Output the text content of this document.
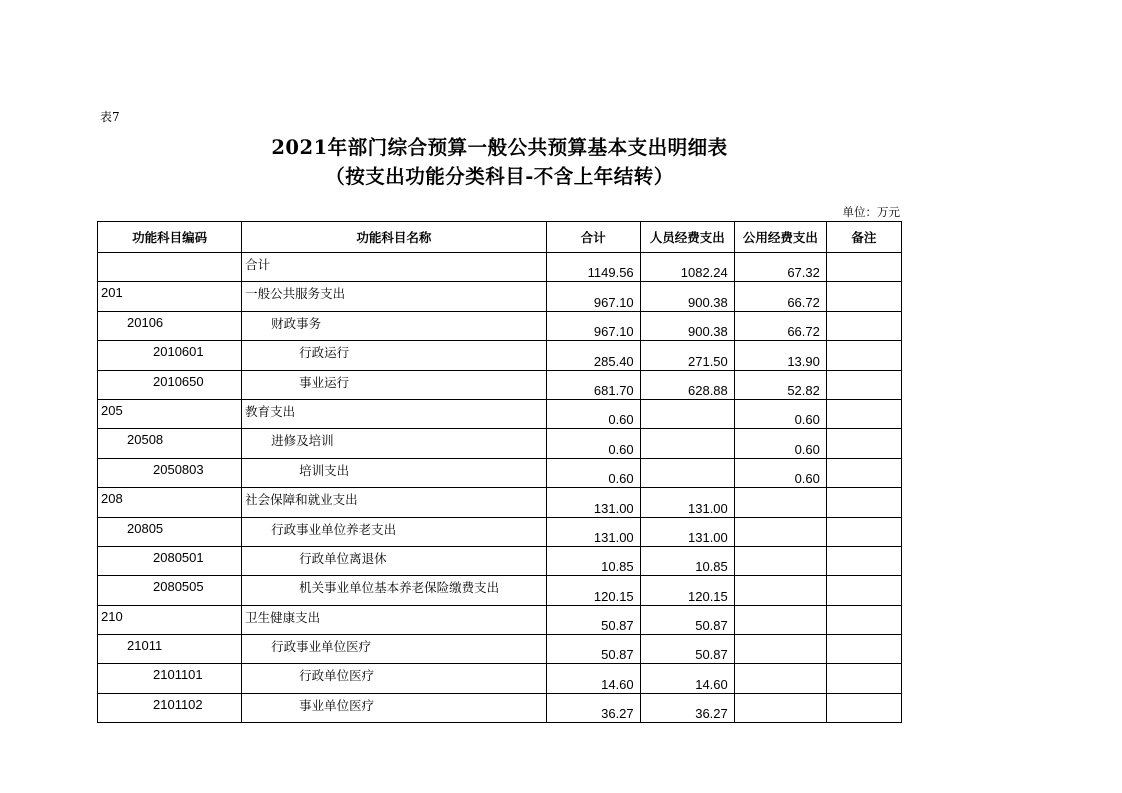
表7
2021年部门综合预算一般公共预算基本支出明细表
（按支出功能分类科目-不含上年结转）
单位：万元
功能科目编码	功能科目名称	合计	人员经费支出	公用经费支出	备注
	合计	1149.56	1082.24	67.32	
201	一般公共服务支出	967.10	900.38	66.72	
20106	财政事务	967.10	900.38	66.72	
2010601	行政运行	285.40	271.50	13.90	
2010650	事业运行	681.70	628.88	52.82	
205	教育支出	0.60		0.60	
20508	进修及培训	0.60		0.60	
2050803	培训支出	0.60		0.60	
208	社会保障和就业支出	131.00	131.00		
20805	行政事业单位养老支出	131.00	131.00		
2080501	行政单位离退休	10.85	10.85		
2080505	机关事业单位基本养老保险缴费支出	120.15	120.15		
210	卫生健康支出	50.87	50.87		
21011	行政事业单位医疗	50.87	50.87		
2101101	行政单位医疗	14.60	14.60		
2101102	事业单位医疗	36.27	36.27		
